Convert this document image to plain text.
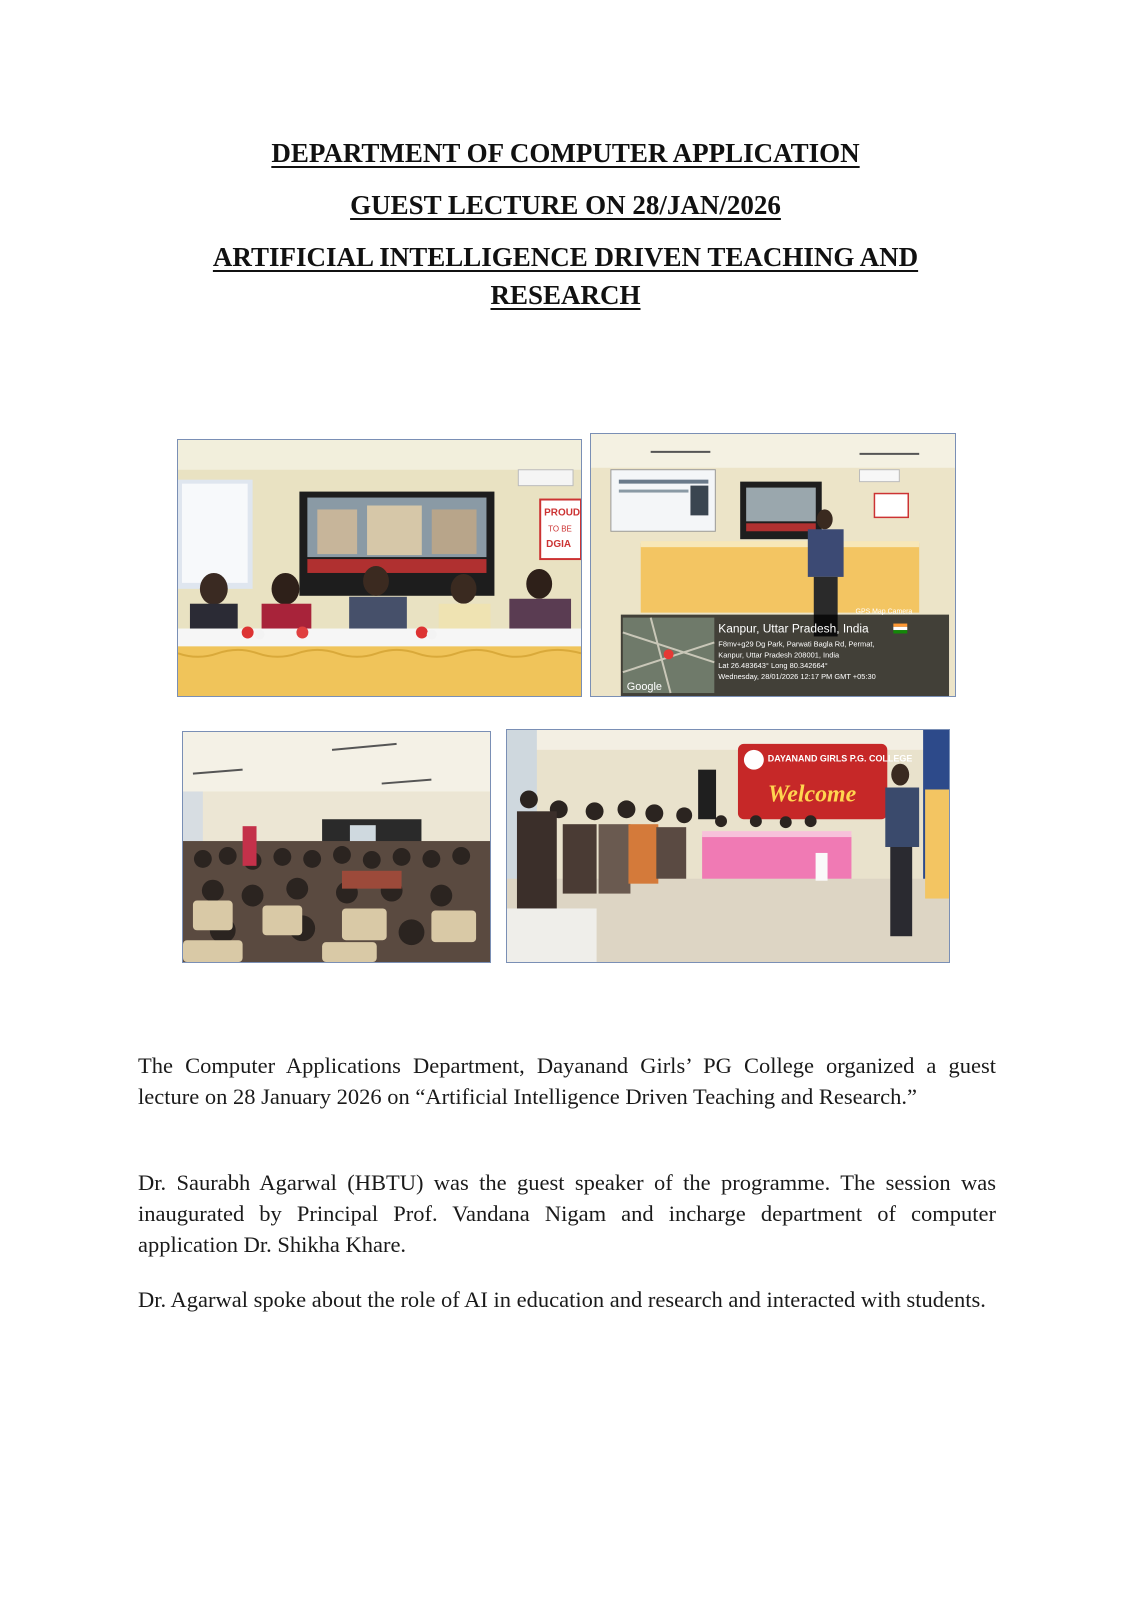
DEPARTMENT OF COMPUTER APPLICATION
GUEST LECTURE ON 28/JAN/2026
ARTIFICIAL INTELLIGENCE DRIVEN TEACHING AND
RESEARCH
PROUD
TO BE
DGIA
Google
GPS Map Camera
Kanpur, Uttar Pradesh, India
F8mv+g29 Dg Park, Parwati Bagla Rd, Permat,
Kanpur, Uttar Pradesh 208001, India
Lat 26.483643° Long 80.342664°
Wednesday, 28/01/2026 12:17 PM GMT +05:30
DAYANAND GIRLS P.G. COLLEGE
Welcome
The Computer Applications Department, Dayanand Girls’ PG College organized a guest lecture on 28 January 2026 on “Artificial Intelligence Driven Teaching and Research.”
Dr. Saurabh Agarwal (HBTU) was the guest speaker of the programme. The session was inaugurated by Principal Prof. Vandana Nigam and incharge department of computer application Dr. Shikha Khare.
Dr. Agarwal spoke about the role of AI in education and research and interacted with students.
